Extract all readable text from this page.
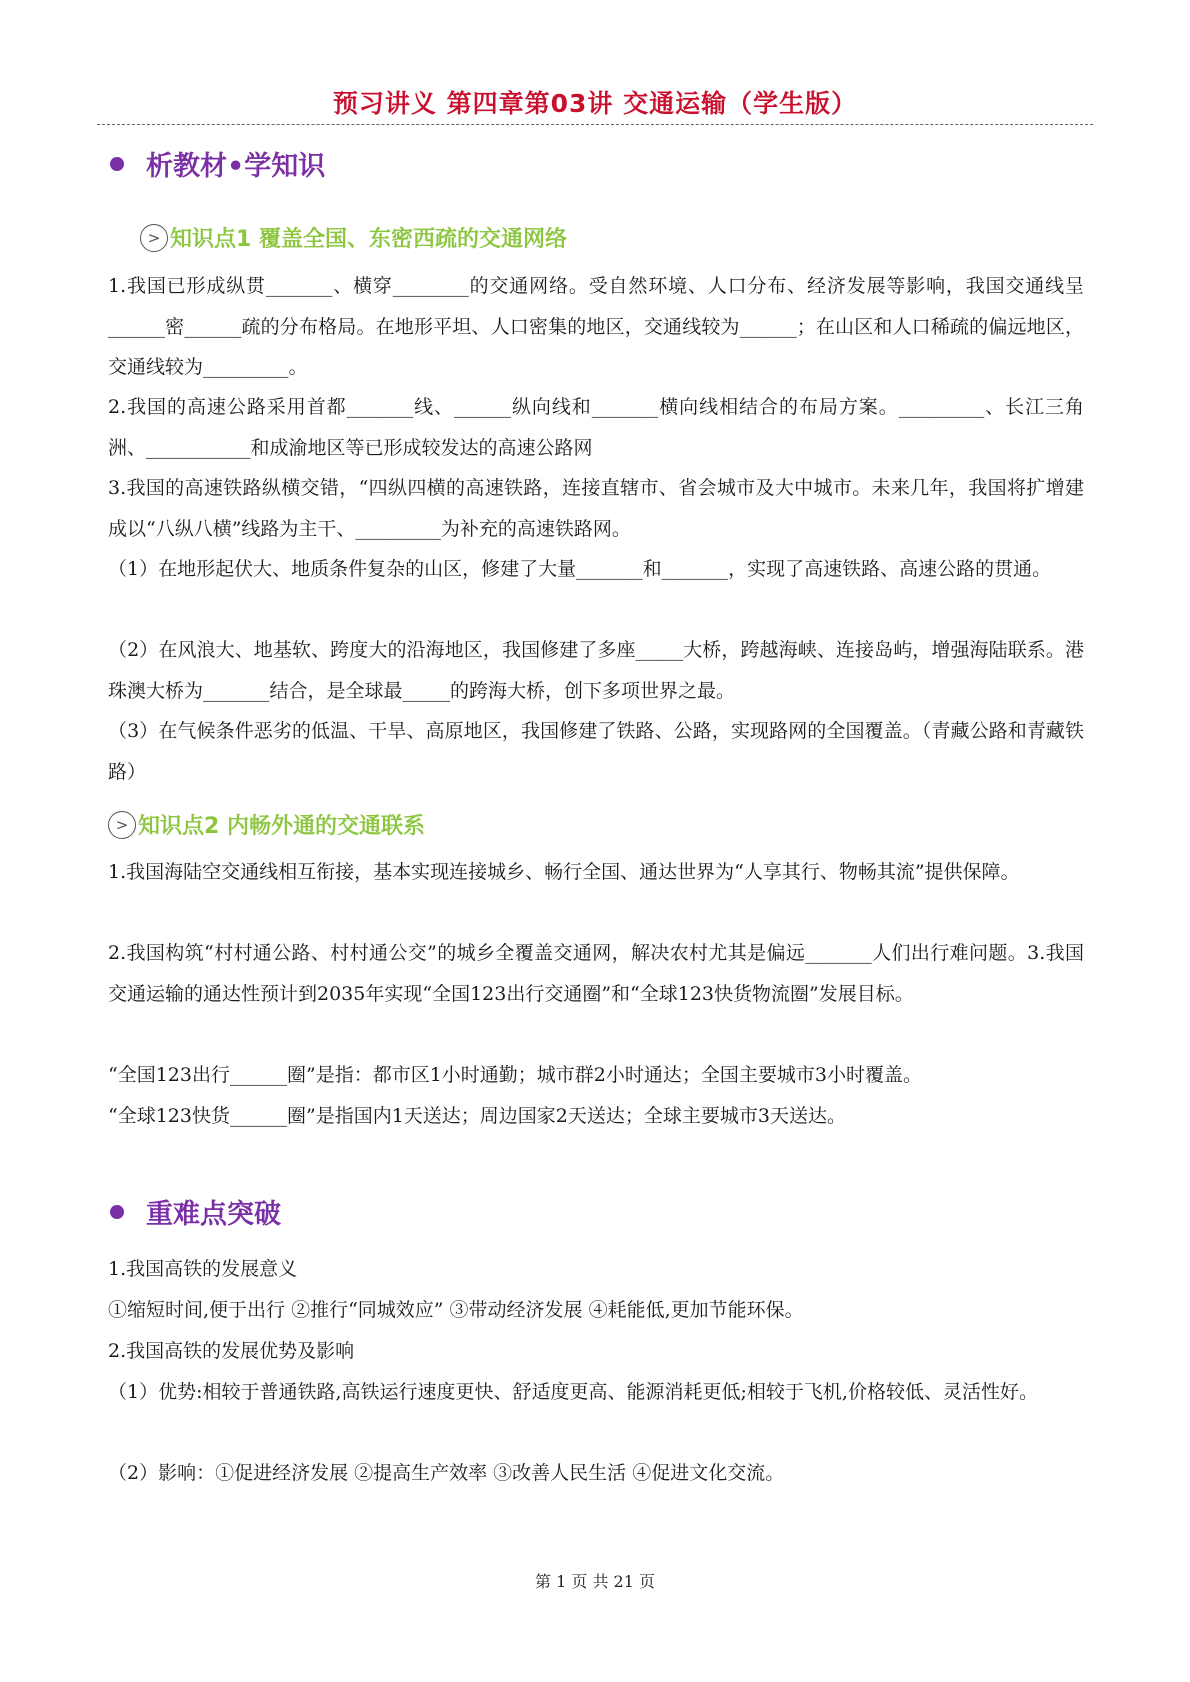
预习讲义 第四章第03讲 交通运输（学生版）
析教材•学知识
> 知识点1 覆盖全国、东密西疏的交通网络
1.我国已形成纵贯_______、横穿________的交通网络。受自然环境、人口分布、经济发展等影响，我国交通线呈______密______疏的分布格局。在地形平坦、人口密集的地区，交通线较为______；在山区和人口稀疏的偏远地区，交通线较为_________。
2.我国的高速公路采用首都_______线、______纵向线和_______横向线相结合的布局方案。_________、长江三角洲、___________和成渝地区等已形成较发达的高速公路网
3.我国的高速铁路纵横交错，“四纵四横的高速铁路，连接直辖市、省会城市及大中城市。未来几年，我国将扩增建成以“八纵八横”线路为主干、_________为补充的高速铁路网。
（1）在地形起伏大、地质条件复杂的山区，修建了大量_______和_______，实现了高速铁路、高速公路的贯通。
（2）在风浪大、地基软、跨度大的沿海地区，我国修建了多座_____大桥，跨越海峡、连接岛屿，增强海陆联系。港珠澳大桥为_______结合，是全球最_____的跨海大桥，创下多项世界之最。
（3）在气候条件恶劣的低温、干旱、高原地区，我国修建了铁路、公路，实现路网的全国覆盖。（青藏公路和青藏铁路）
> 知识点2 内畅外通的交通联系
1.我国海陆空交通线相互衔接，基本实现连接城乡、畅行全国、通达世界为“人享其行、物畅其流”提供保障。
2.我国构筑“村村通公路、村村通公交”的城乡全覆盖交通网，解决农村尤其是偏远_______人们出行难问题。3.我国交通运输的通达性预计到2035年实现“全国123出行交通圈”和“全球123快货物流圈”发展目标。
“全国123出行______圈”是指：都市区1小时通勤；城市群2小时通达；全国主要城市3小时覆盖。
“全球123快货______圈”是指国内1天送达；周边国家2天送达；全球主要城市3天送达。
重难点突破
1.我国高铁的发展意义
①缩短时间,便于出行 ②推行“同城效应” ③带动经济发展 ④耗能低,更加节能环保。
2.我国高铁的发展优势及影响
（1）优势:相较于普通铁路,高铁运行速度更快、舒适度更高、能源消耗更低;相较于飞机,价格较低、灵活性好。
（2）影响：①促进经济发展 ②提高生产效率 ③改善人民生活 ④促进文化交流。
第 1 页 共 21 页
